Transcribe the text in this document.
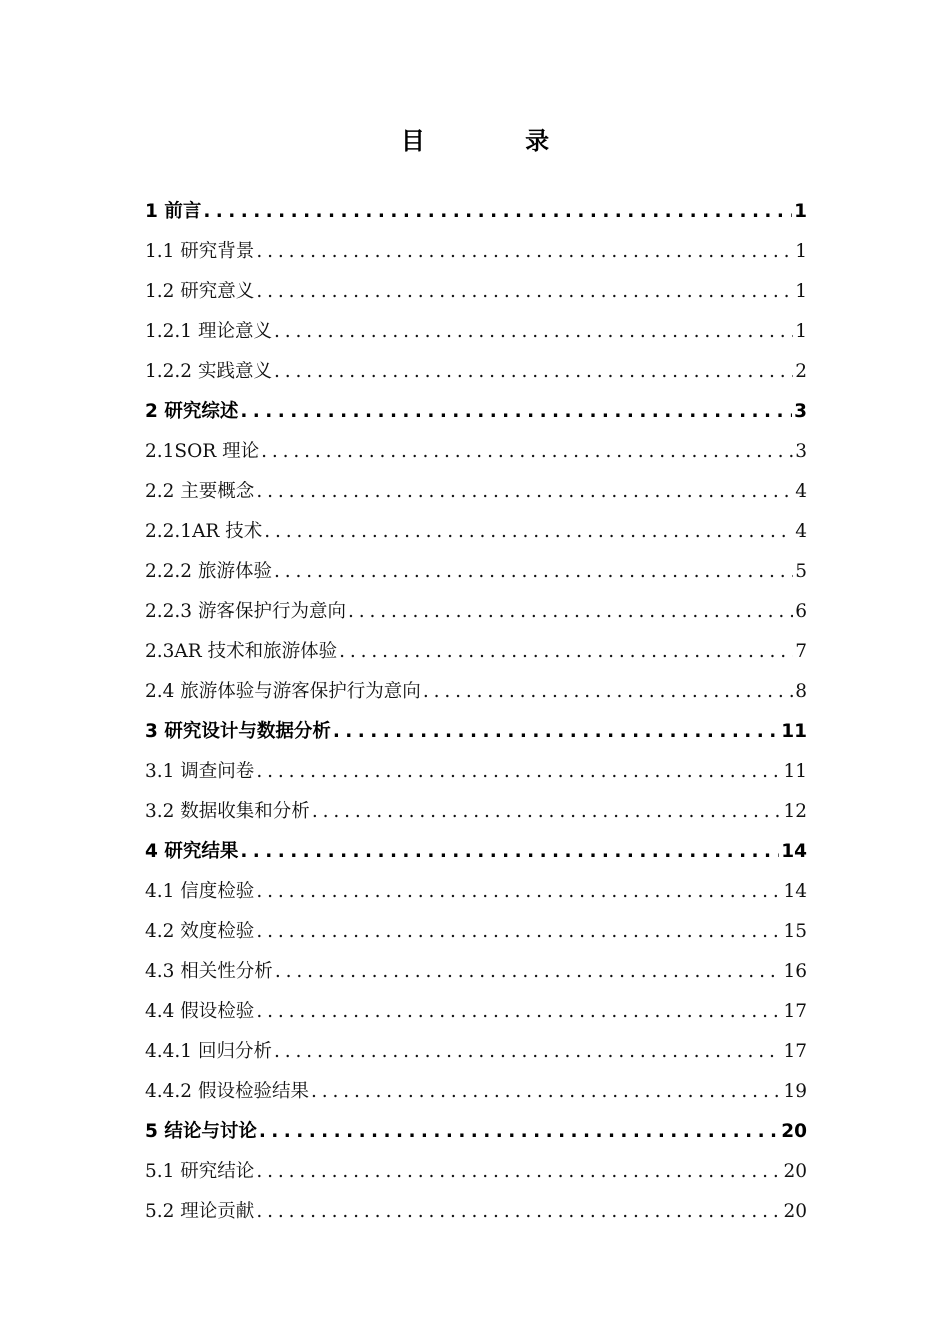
目 录
1 前言 . . .	1
1.1 研究背景 . . .	1
1.2 研究意义 . . .	1
1.2.1 理论意义 . . .	1
1.2.2 实践意义 . . .	2
2 研究综述 . . .	3
2.1SOR 理论 . . .	3
2.2 主要概念 . . .	4
2.2.1AR 技术 . . .	4
2.2.2 旅游体验 . . .	5
2.2.3 游客保护行为意向 . . .	6
2.3AR 技术和旅游体验 . . .	7
2.4 旅游体验与游客保护行为意向 . . .	8
3 研究设计与数据分析 . . .	11
3.1 调查问卷 . . .	11
3.2 数据收集和分析 . . .	12
4 研究结果 . . .	14
4.1 信度检验 . . .	14
4.2 效度检验 . . .	15
4.3 相关性分析 . . .	16
4.4 假设检验 . . .	17
4.4.1 回归分析 . . .	17
4.4.2 假设检验结果 . . .	19
5 结论与讨论 . . .	20
5.1 研究结论 . . .	20
5.2 理论贡献 . . .	20
